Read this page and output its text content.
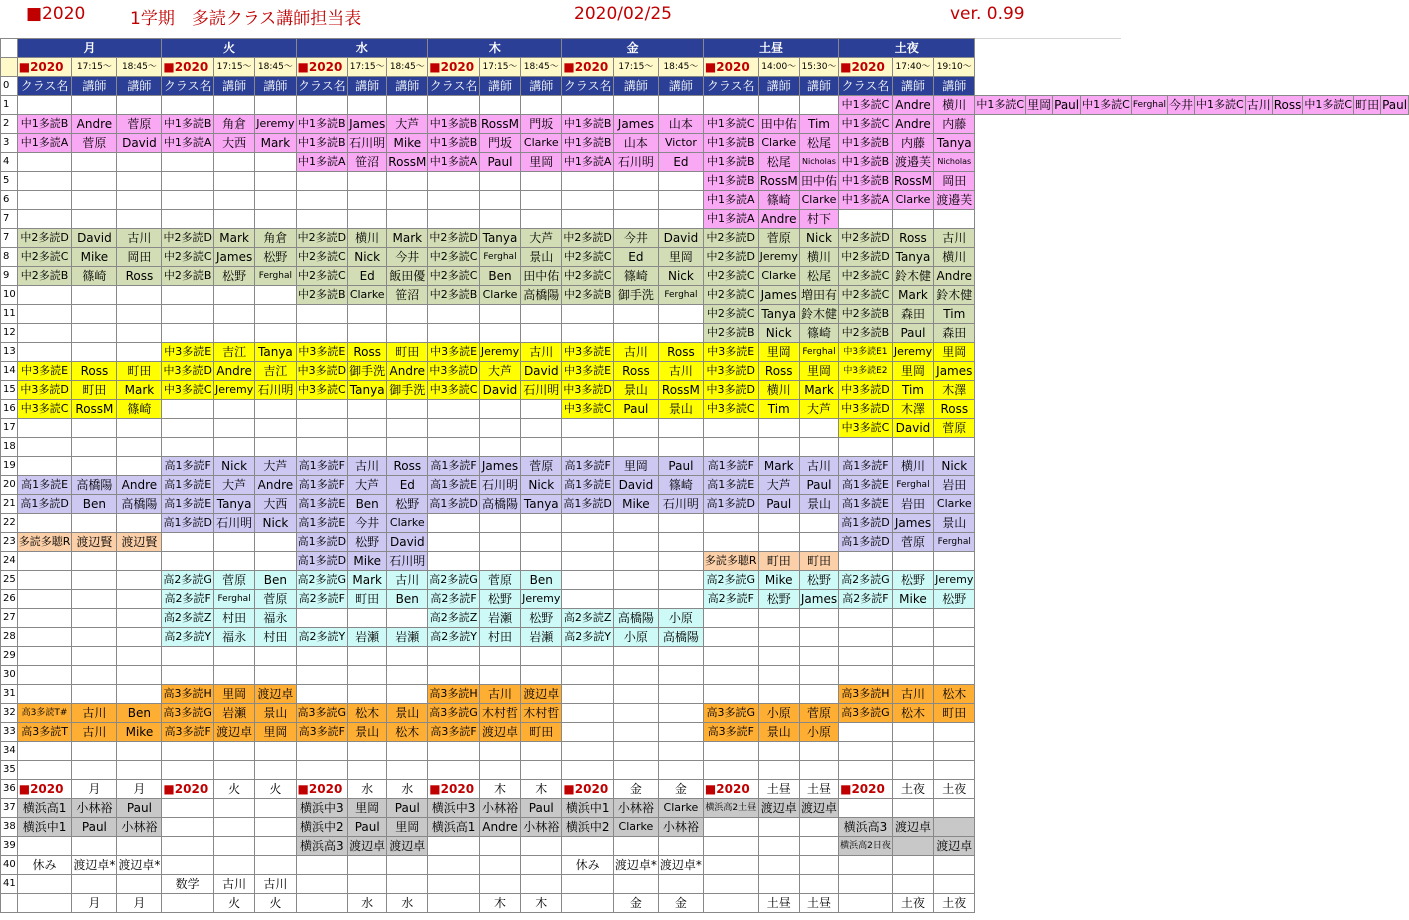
■2020	1学期　多読クラス講師担当表	2020/02/25	ver. 0.99
	月			火			水			木			金			土昼			土夜														
	■ 2020	17:15～	18:45～	■ 2020	17:15～	18:45～	■ 2020	17:15～	18:45～	■ 2020	17:15～	18:45～	■ 2020	17:15～	18:45～	■ 2020	14:00～	15:30～	■ 2020	17:40～	19:10～												
0	クラス名	講師	講師	クラス名	講師	講師	クラス名	講師	講師	クラス名	講師	講師	クラス名	講師	講師	クラス名	講師	講師	クラス名	講師	講師												
1																			中1多読C	Andre	横川	中1多読C	里岡	Paul	中1多読C	Ferghal	今井	中1多読C	古川	Ross	中1多読C	町田	Paul
2	中1多読B	Andre	菅原	中1多読B	角倉	Jeremy	中1多読B	James	大芦	中1多読B	RossM	門坂	中1多読B	James	山本	中1多読C	田中佑	Tim	中1多読C	Andre	内藤												
3	中1多読A	菅原	David	中1多読A	大西	Mark	中1多読B	石川明	Mike	中1多読B	門坂	Clarke	中1多読B	山本	Victor	中1多読B	Clarke	松尾	中1多読B	内藤	Tanya												
4							中1多読A	笹沼	RossM	中1多読A	Paul	里岡	中1多読A	石川明	Ed	中1多読B	松尾	Nicholas	中1多読B	渡邉芙	Nicholas												
5																中1多読B	RossM	田中佑	中1多読B	RossM	岡田												
6																中1多読A	篠崎	Clarke	中1多読A	Clarke	渡邉芙												
7																中1多読A	Andre	村下															
7	中2多読D	David	古川	中2多読D	Mark	角倉	中2多読D	横川	Mark	中2多読D	Tanya	大芦	中2多読D	今井	David	中2多読D	菅原	Nick	中2多読D	Ross	古川												
8	中2多読C	Mike	岡田	中2多読C	James	松野	中2多読C	Nick	今井	中2多読C	Ferghal	景山	中2多読C	Ed	里岡	中2多読D	Jeremy	横川	中2多読D	Tanya	横川												
9	中2多読B	篠崎	Ross	中2多読B	松野	Ferghal	中2多読C	Ed	飯田優	中2多読C	Ben	田中佑	中2多読C	篠崎	Nick	中2多読C	Clarke	松尾	中2多読C	鈴木健	Andre												
10							中2多読B	Clarke	笹沼	中2多読B	Clarke	高橋陽	中2多読B	御手洗	Ferghal	中2多読C	James	増田有	中2多読C	Mark	鈴木健												
11																中2多読C	Tanya	鈴木健	中2多読B	森田	Tim												
12																中2多読B	Nick	篠崎	中2多読B	Paul	森田												
13				中3多読E	吉江	Tanya	中3多読E	Ross	町田	中3多読E	Jeremy	古川	中3多読E	古川	Ross	中3多読E	里岡	Ferghal	中3多読E1	Jeremy	里岡												
14	中3多読E	Ross	町田	中3多読D	Andre	吉江	中3多読D	御手洗	Andre	中3多読D	大芦	David	中3多読E	Ross	古川	中3多読D	Ross	里岡	中3多読E2	里岡	James												
15	中3多読D	町田	Mark	中3多読C	Jeremy	石川明	中3多読C	Tanya	御手洗	中3多読C	David	石川明	中3多読D	景山	RossM	中3多読D	横川	Mark	中3多読D	Tim	木澤												
16	中3多読C	RossM	篠崎										中3多読C	Paul	景山	中3多読C	Tim	大芦	中3多読D	木澤	Ross												
17																			中3多読C	David	菅原												
18																																	
19				高1多読F	Nick	大芦	高1多読F	古川	Ross	高1多読F	James	菅原	高1多読F	里岡	Paul	高1多読F	Mark	古川	高1多読F	横川	Nick												
20	高1多読E	高橋陽	Andre	高1多読E	大芦	Andre	高1多読F	大芦	Ed	高1多読E	石川明	Nick	高1多読E	David	篠崎	高1多読E	大芦	Paul	高1多読E	Ferghal	岩田												
21	高1多読D	Ben	高橋陽	高1多読E	Tanya	大西	高1多読E	Ben	松野	高1多読D	高橋陽	Tanya	高1多読D	Mike	石川明	高1多読D	Paul	景山	高1多読E	岩田	Clarke												
22				高1多読D	石川明	Nick	高1多読E	今井	Clarke										高1多読D	James	景山												
23	多読多聴R	渡辺賢	渡辺賢				高1多読D	松野	David										高1多読D	菅原	Ferghal												
24							高1多読D	Mike	石川明							多読多聴R	町田	町田															
25				高2多読G	菅原	Ben	高2多読G	Mark	古川	高2多読G	菅原	Ben				高2多読G	Mike	松野	高2多読G	松野	Jeremy												
26				高2多読F	Ferghal	菅原	高2多読F	町田	Ben	高2多読F	松野	Jeremy				高2多読F	松野	James	高2多読F	Mike	松野												
27				高2多読Z	村田	福永				高2多読Z	岩瀬	松野	高2多読Z	高橋陽	小原																		
28				高2多読Y	福永	村田	高2多読Y	岩瀬	岩瀬	高2多読Y	村田	岩瀬	高2多読Y	小原	高橋陽																		
29																																	
30																																	
31				高3多読H	里岡	渡辺卓				高3多読H	古川	渡辺卓							高3多読H	古川	松木												
32	高3多読T#	古川	Ben	高3多読G	岩瀬	景山	高3多読G	松木	景山	高3多読G	木村哲	木村哲				高3多読G	小原	菅原	高3多読G	松木	町田												
33	高3多読T	古川	Mike	高3多読F	渡辺卓	里岡	高3多読F	景山	松木	高3多読F	渡辺卓	町田				高3多読F	景山	小原															
34																																	
35																																	
36	■ 2020	月	月	■ 2020	火	火	■ 2020	水	水	■ 2020	木	木	■ 2020	金	金	■ 2020	土昼	土昼	■ 2020	土夜	土夜												
37	横浜高1	小林裕	Paul				横浜中3	里岡	Paul	横浜中3	小林裕	Paul	横浜中1	小林裕	Clarke	横浜高2土昼	渡辺卓	渡辺卓															
38	横浜中1	Paul	小林裕				横浜中2	Paul	里岡	横浜高1	Andre	小林裕	横浜中2	Clarke	小林裕				横浜高3	渡辺卓													
39							横浜高3	渡辺卓	渡辺卓										横浜高2日夜		渡辺卓												
40	休み	渡辺卓*	渡辺卓*										休み	渡辺卓*	渡辺卓*																		
41				数学	古川	古川																											
		月	月		火	火		水	水		木	木		金	金		土昼	土昼		土夜	土夜												
